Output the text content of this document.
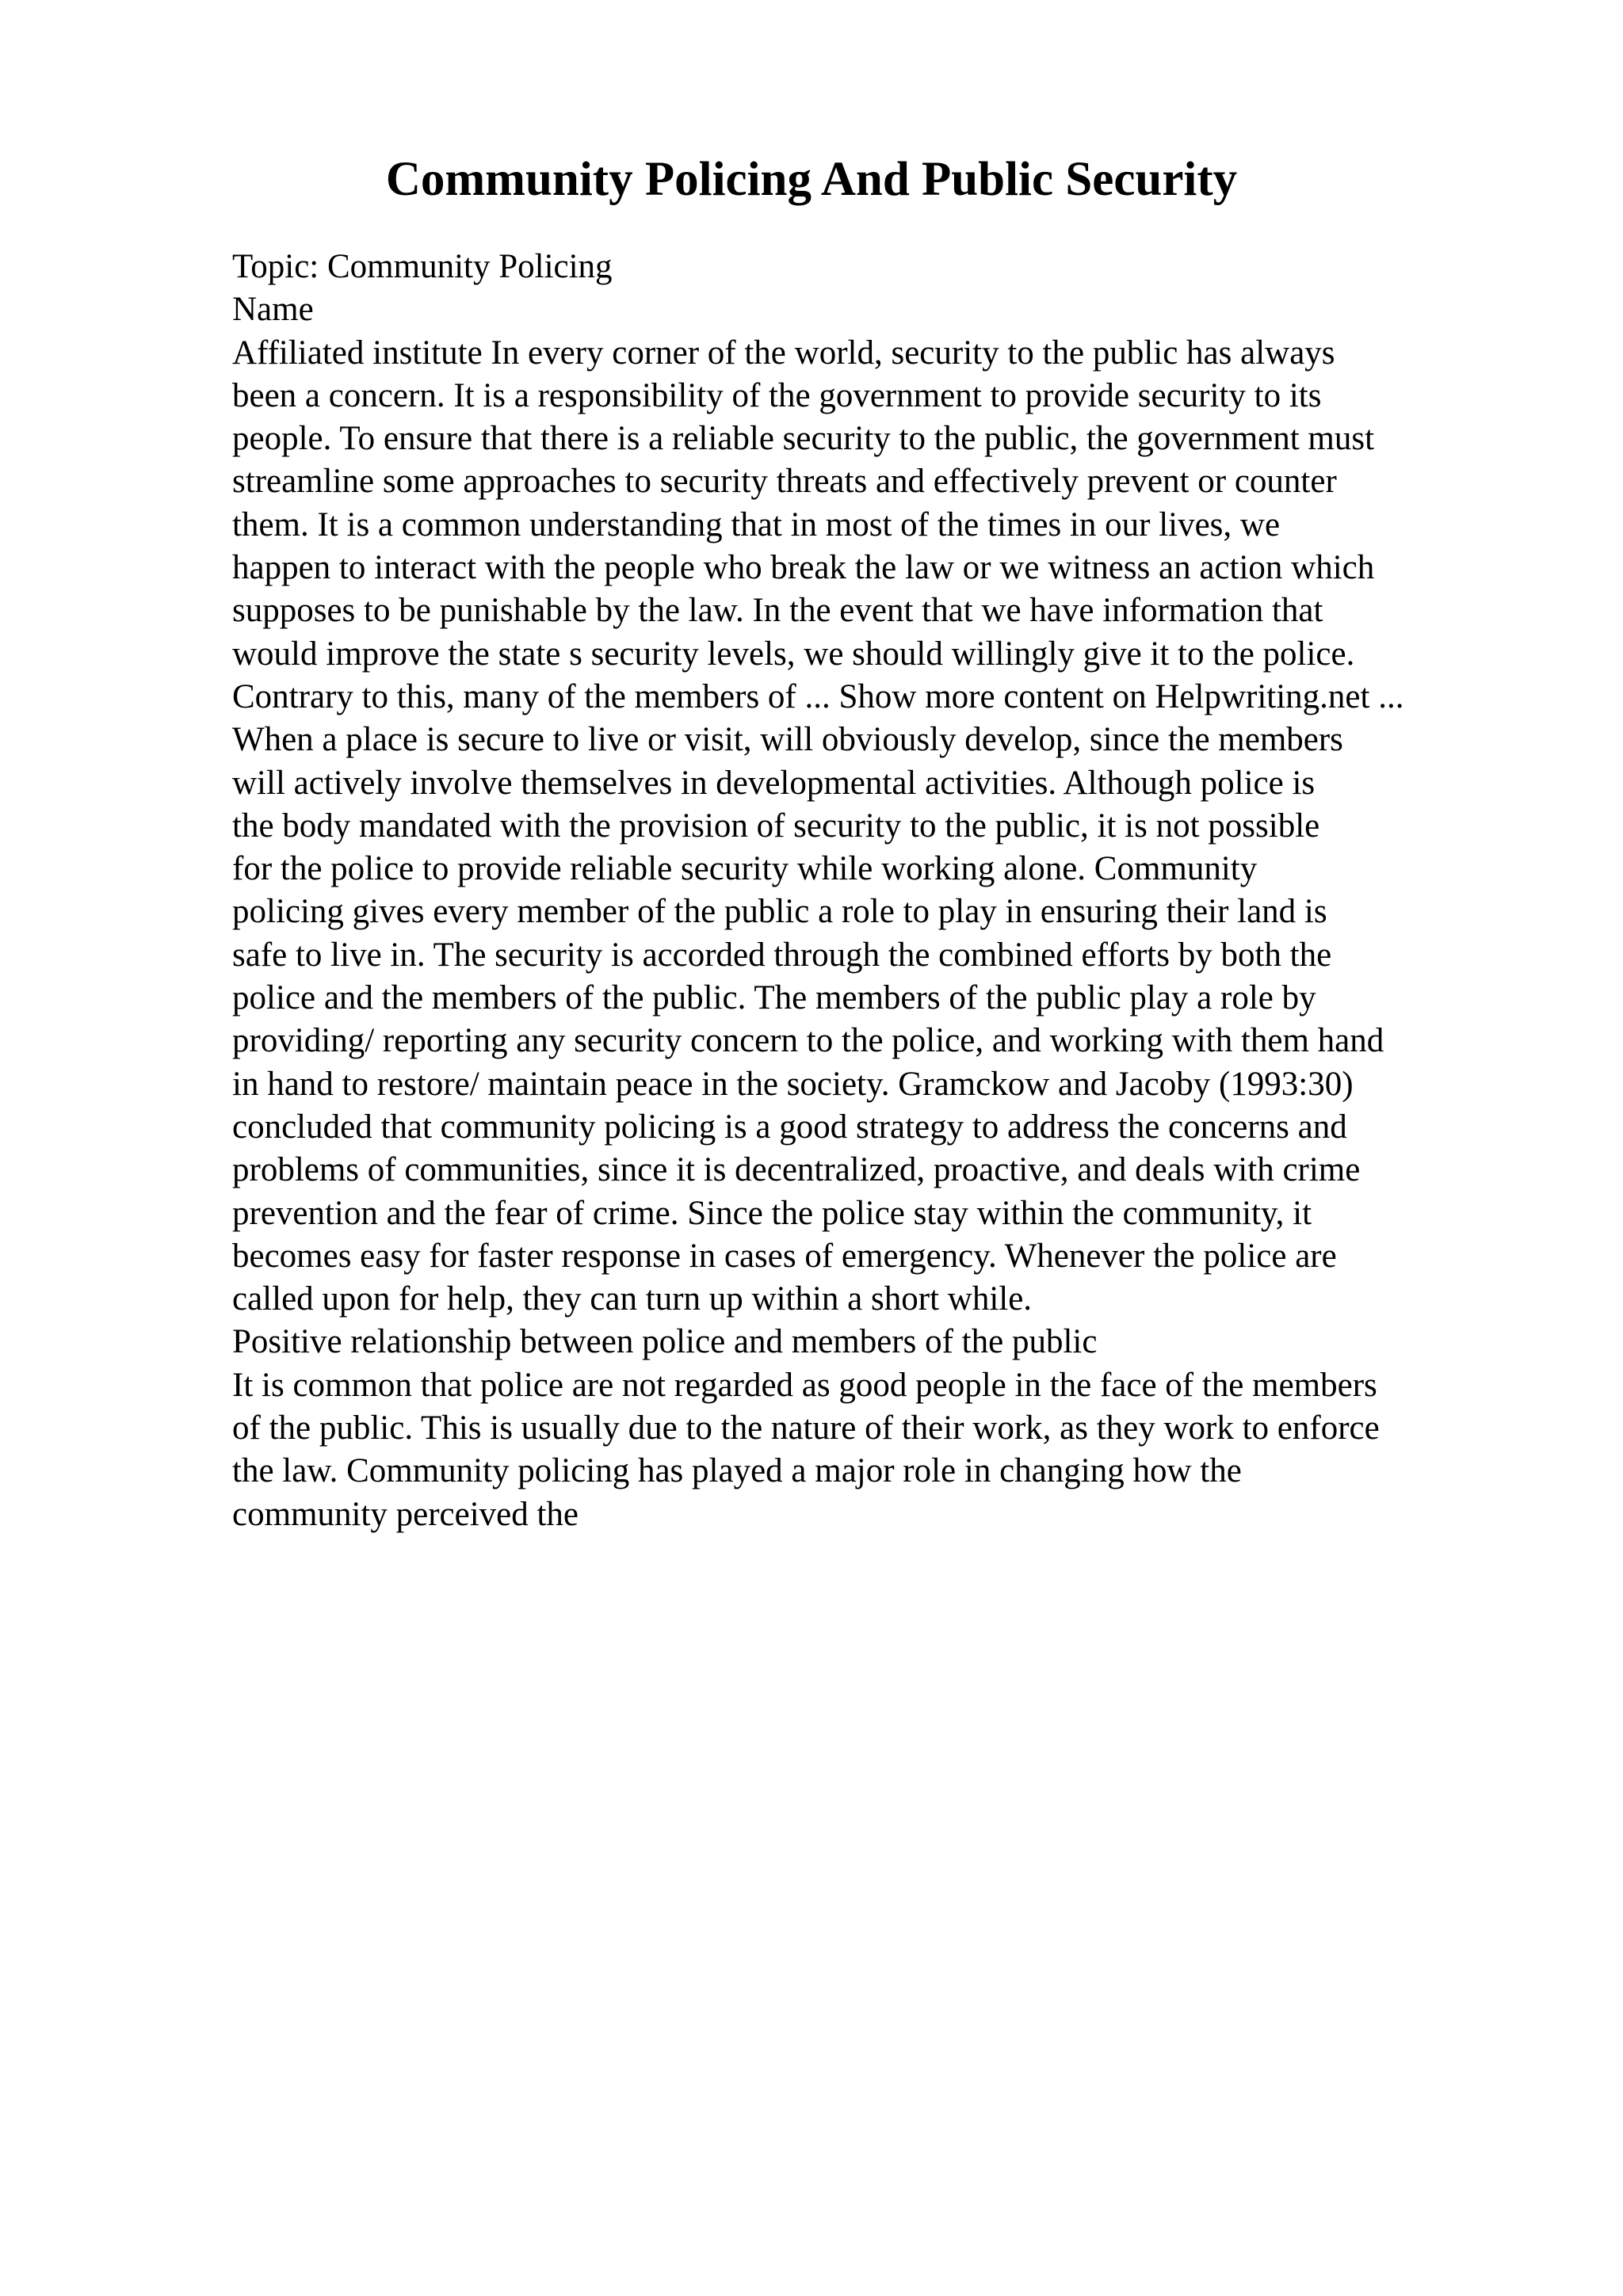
Community Policing And Public Security
Topic: Community Policing
Name
Affiliated institute In every corner of the world, security to the public has always
been a concern. It is a responsibility of the government to provide security to its
people. To ensure that there is a reliable security to the public, the government must
streamline some approaches to security threats and effectively prevent or counter
them. It is a common understanding that in most of the times in our lives, we
happen to interact with the people who break the law or we witness an action which
supposes to be punishable by the law. In the event that we have information that
would improve the state s security levels, we should willingly give it to the police.
Contrary to this, many of the members of ... Show more content on Helpwriting.net ...
When a place is secure to live or visit, will obviously develop, since the members
will actively involve themselves in developmental activities. Although police is
the body mandated with the provision of security to the public, it is not possible
for the police to provide reliable security while working alone. Community
policing gives every member of the public a role to play in ensuring their land is
safe to live in. The security is accorded through the combined efforts by both the
police and the members of the public. The members of the public play a role by
providing/ reporting any security concern to the police, and working with them hand
in hand to restore/ maintain peace in the society. Gramckow and Jacoby (1993:30)
concluded that community policing is a good strategy to address the concerns and
problems of communities, since it is decentralized, proactive, and deals with crime
prevention and the fear of crime. Since the police stay within the community, it
becomes easy for faster response in cases of emergency. Whenever the police are
called upon for help, they can turn up within a short while.
Positive relationship between police and members of the public
It is common that police are not regarded as good people in the face of the members
of the public. This is usually due to the nature of their work, as they work to enforce
the law. Community policing has played a major role in changing how the
community perceived the
